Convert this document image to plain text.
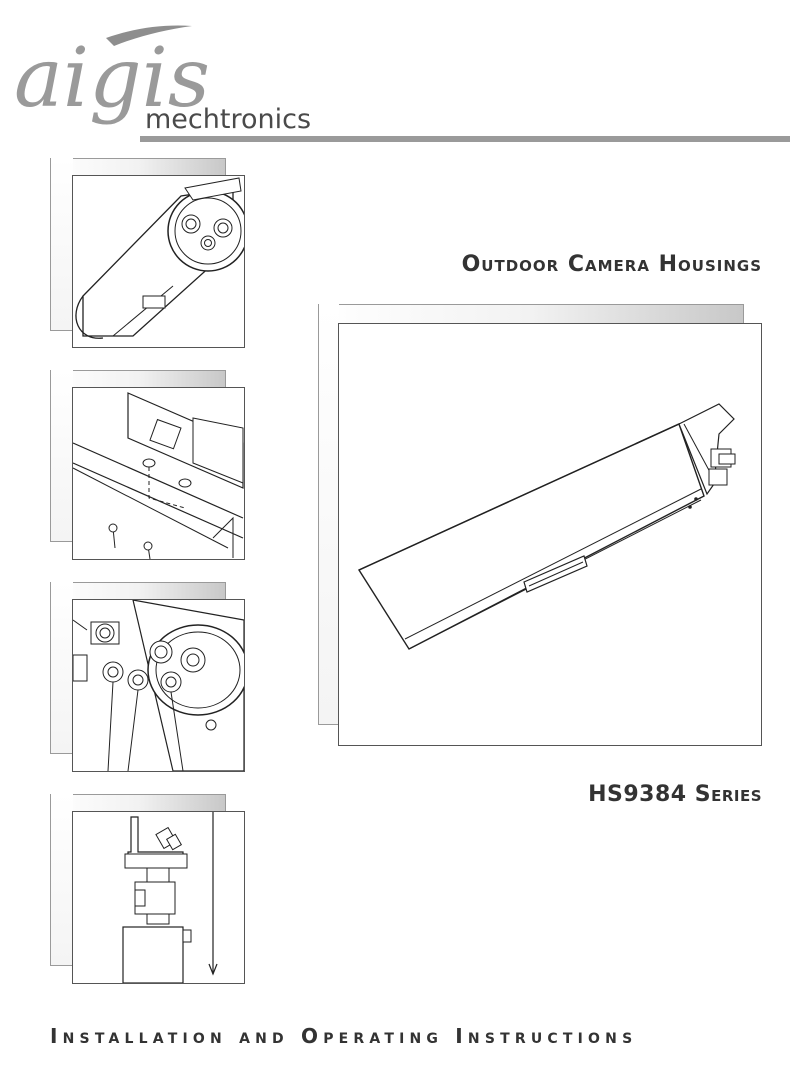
aigis
mechtronics
Outdoor Camera Housings
HS9384 Series
Installation and Operating Instructions
